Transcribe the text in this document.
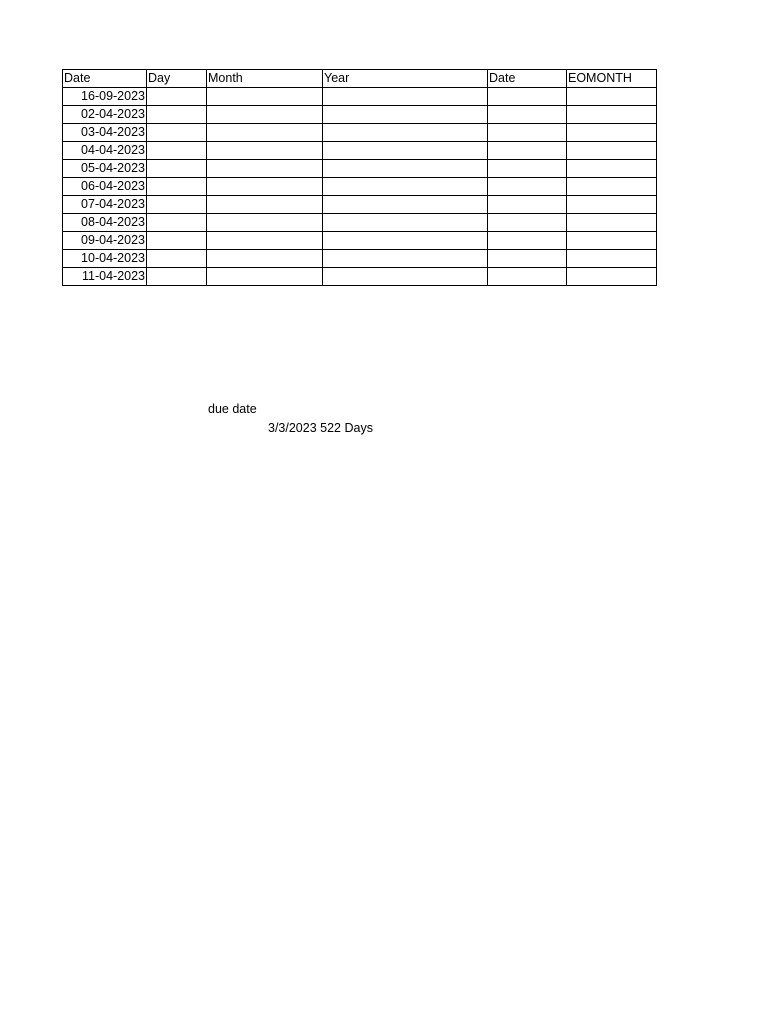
Date	Day	Month	Year	Date	EOMONTH
16-09-2023					
02-04-2023					
03-04-2023					
04-04-2023					
05-04-2023					
06-04-2023					
07-04-2023					
08-04-2023					
09-04-2023					
10-04-2023					
11-04-2023					
due date
3/3/2023 522 Days
